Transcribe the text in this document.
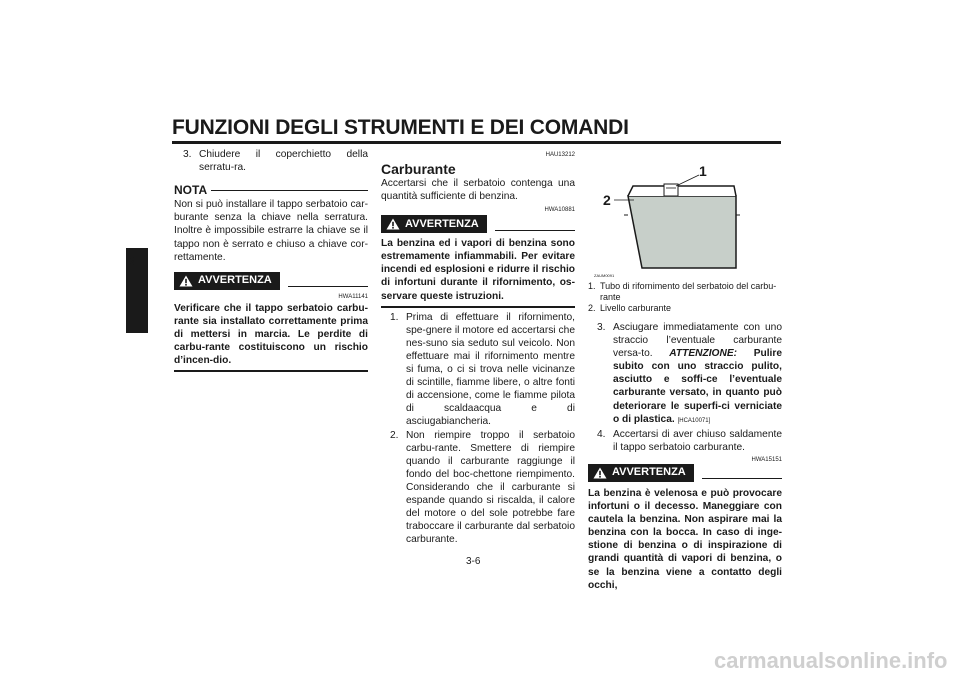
FUNZIONI DEGLI STRUMENTI E DEI COMANDI
3
3. Chiudere il coperchietto della serratu-ra.
NOTA

Non si può installare il tappo serbatoio car-burante senza la chiave nella serratura. Inoltre è impossibile estrarre la chiave se il tappo non è serrato e chiuso a chiave cor-rettamente.

AVVERTENZA
HWA11141

Verificare che il tappo serbatoio carbu-rante sia installato correttamente prima di mettersi in marcia. Le perdite di carbu-rante costituiscono un rischio d’incen-dio.

HAU13212
Carburante

Accertarsi che il serbatoio contenga una quantità sufficiente di benzina.

HWA10881
AVVERTENZA

La benzina ed i vapori di benzina sono estremamente infiammabili. Per evitare incendi ed esplosioni e ridurre il rischio di infortuni durante il rifornimento, os-servare queste istruzioni.

1. Prima di effettuare il rifornimento, spe-gnere il motore ed accertarsi che nes-suno sia seduto sul veicolo. Non effettuare mai il rifornimento mentre si fuma, o ci si trova nelle vicinanze di scintille, fiamme libere, o altre fonti di accensione, come le fiamme pilota di scaldaacqua e di asciugabiancheria.
2. Non riempire troppo il serbatoio carbu-rante. Smettere di riempire quando il carburante raggiunge il fondo del boc-chettone riempimento. Considerando che il carburante si espande quando si riscalda, il calore del motore o del sole potrebbe fare traboccare il carburante dal serbatoio carburante.
1
2
ZAUM0091
1. Tubo di rifornimento del serbatoio del carbu-rante
2. Livello carburante
3. Asciugare immediatamente con uno straccio l’eventuale carburante versa-to. ATTENZIONE: Pulire subito con uno straccio pulito, asciutto e soffi-ce l’eventuale carburante versato, in quanto può deteriorare le superfi-ci verniciate o di plastica. [HCA10071]
4. Accertarsi di aver chiuso saldamente il tappo serbatoio carburante.
HWA15151
AVVERTENZA

La benzina è velenosa e può provocare infortuni o il decesso. Maneggiare con cautela la benzina. Non aspirare mai la benzina con la bocca. In caso di inge-stione di benzina o di inspirazione di grandi quantità di vapori di benzina, o se la benzina viene a contatto degli occhi,

3-6
carmanualsonline.info
